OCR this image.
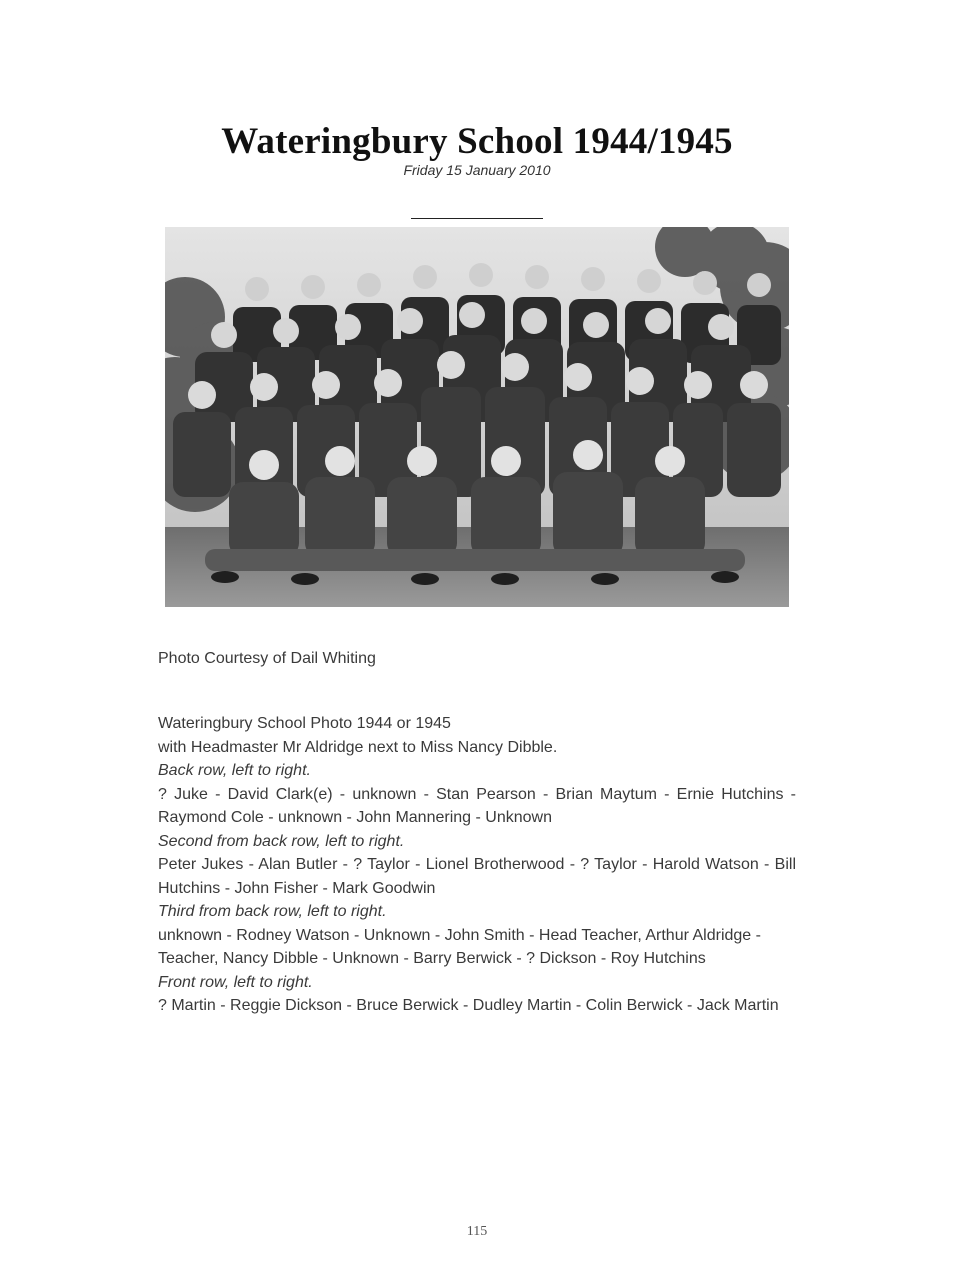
Wateringbury School 1944/1945
Friday 15 January 2010
Photo Courtesy of Dail Whiting

Wateringbury School Photo 1944 or 1945

with Headmaster Mr Aldridge next to Miss Nancy Dibble.

Back row, left to right.

? Juke - David Clark(e) - unknown - Stan Pearson - Brian Maytum - Ernie Hutchins - Raymond Cole - unknown - John Mannering - Unknown

Second from back row, left to right.

Peter Jukes - Alan Butler - ? Taylor - Lionel Brotherwood - ? Taylor - Harold Watson - Bill Hutchins - John Fisher - Mark Goodwin

Third from back row, left to right.

unknown - Rodney Watson - Unknown - John Smith - Head Teacher, Arthur Aldridge - Teacher, Nancy Dibble - Unknown - Barry Berwick - ? Dickson - Roy Hutchins

Front row, left to right.

? Martin - Reggie Dickson - Bruce Berwick - Dudley Martin - Colin Berwick - Jack Martin

115
